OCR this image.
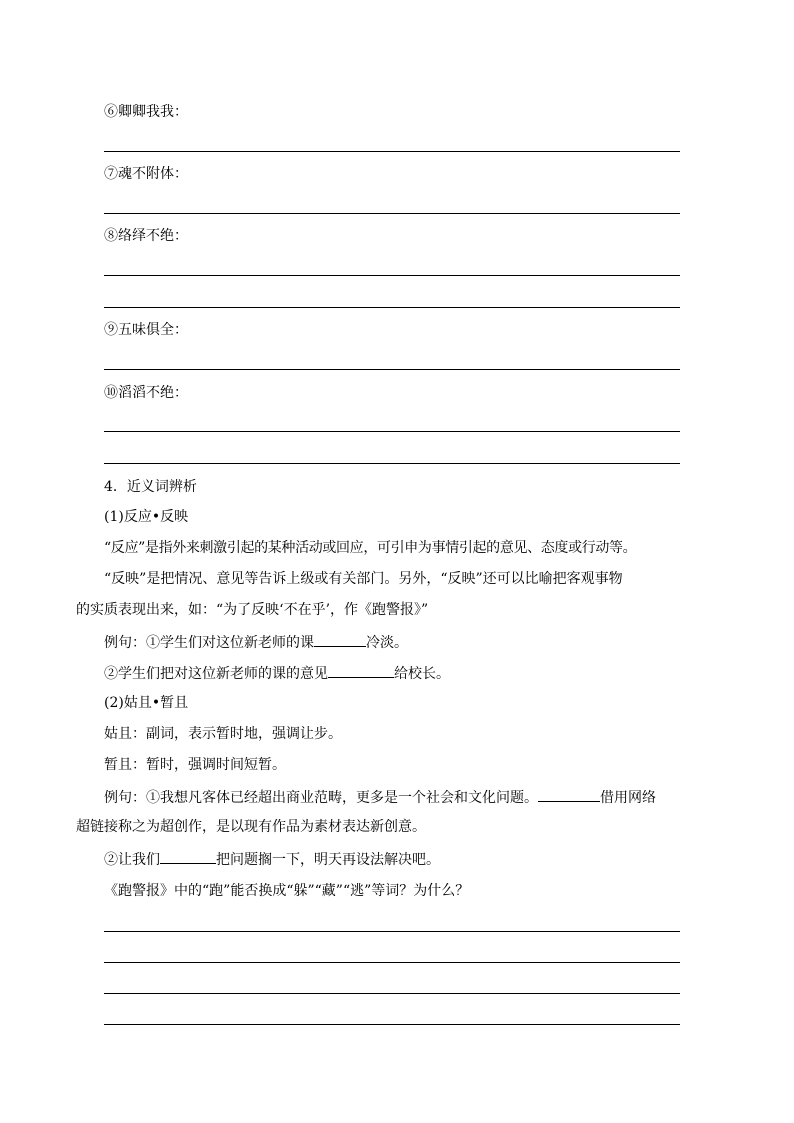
⑥卿卿我我：
⑦魂不附体：
⑧络绎不绝：
⑨五味俱全：
⑩滔滔不绝：
4．近义词辨析
(1)反应•反映
“反应”是指外来刺激引起的某种活动或回应，可引申为事情引起的意见、态度或行动等。
“反映”是把情况、意见等告诉上级或有关部门。另外，“反映”还可以比喻把客观事物
的实质表现出来，如：“为了反映‘不在乎’，作《跑警报》”
例句：①学生们对这位新老师的课	冷淡。
②学生们把对这位新老师的课的意见	给校长。
(2)姑且•暂且
姑且：副词，表示暂时地，强调让步。
暂且：暂时，强调时间短暂。
例句：①我想凡客体已经超出商业范畴，更多是一个社会和文化问题。	借用网络
超链接称之为超创作，是以现有作品为素材表达新创意。
②让我们	把问题搁一下，明天再设法解决吧。
《跑警报》中的“跑”能否换成“躲”“藏”“逃”等词？为什么？
